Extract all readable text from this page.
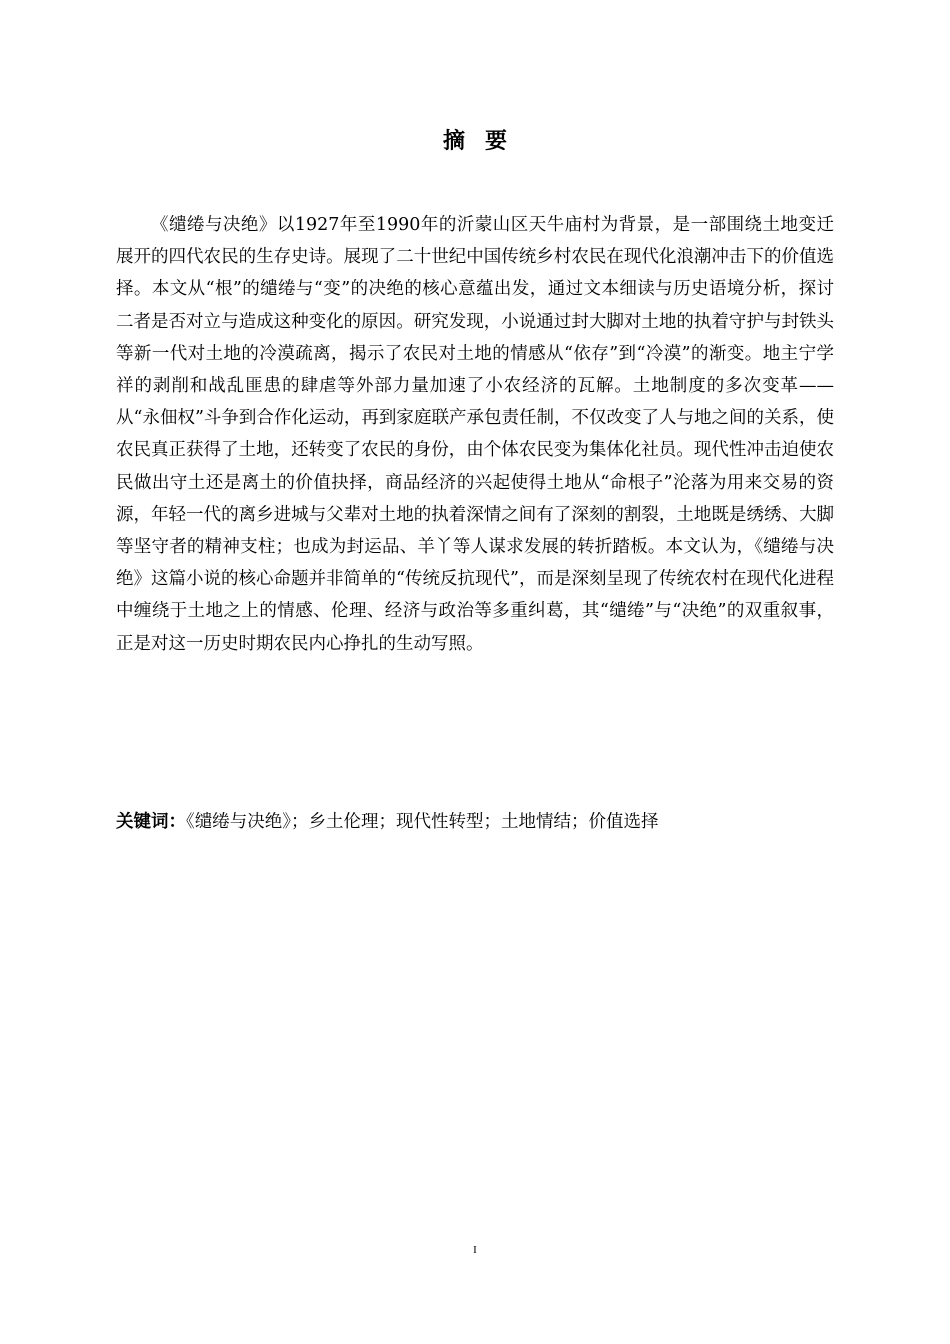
摘要

《缱绻与决绝》以1927年至1990年的沂蒙山区天牛庙村为背景，是一部围绕土地变迁展开的四代农民的生存史诗。展现了二十世纪中国传统乡村农民在现代化浪潮冲击下的价值选择。本文从“根”的缱绻与“变”的决绝的核心意蕴出发，通过文本细读与历史语境分析，探讨二者是否对立与造成这种变化的原因。研究发现，小说通过封大脚对土地的执着守护与封铁头等新一代对土地的冷漠疏离，揭示了农民对土地的情感从“依存”到“冷漠”的渐变。地主宁学祥的剥削和战乱匪患的肆虐等外部力量加速了小农经济的瓦解。土地制度的多次变革——从“永佃权”斗争到合作化运动，再到家庭联产承包责任制，不仅改变了人与地之间的关系，使农民真正获得了土地，还转变了农民的身份，由个体农民变为集体化社员。现代性冲击迫使农民做出守土还是离土的价值抉择，商品经济的兴起使得土地从“命根子”沦落为用来交易的资源，年轻一代的离乡进城与父辈对土地的执着深情之间有了深刻的割裂，土地既是绣绣、大脚等坚守者的精神支柱；也成为封运品、羊丫等人谋求发展的转折踏板。本文认为，《缱绻与决绝》这篇小说的核心命题并非简单的“传统反抗现代”，而是深刻呈现了传统农村在现代化进程中缠绕于土地之上的情感、伦理、经济与政治等多重纠葛，其“缱绻”与“决绝”的双重叙事，正是对这一历史时期农民内心挣扎的生动写照。

关键词：《缱绻与决绝》；乡土伦理；现代性转型；土地情结；价值选择

I
